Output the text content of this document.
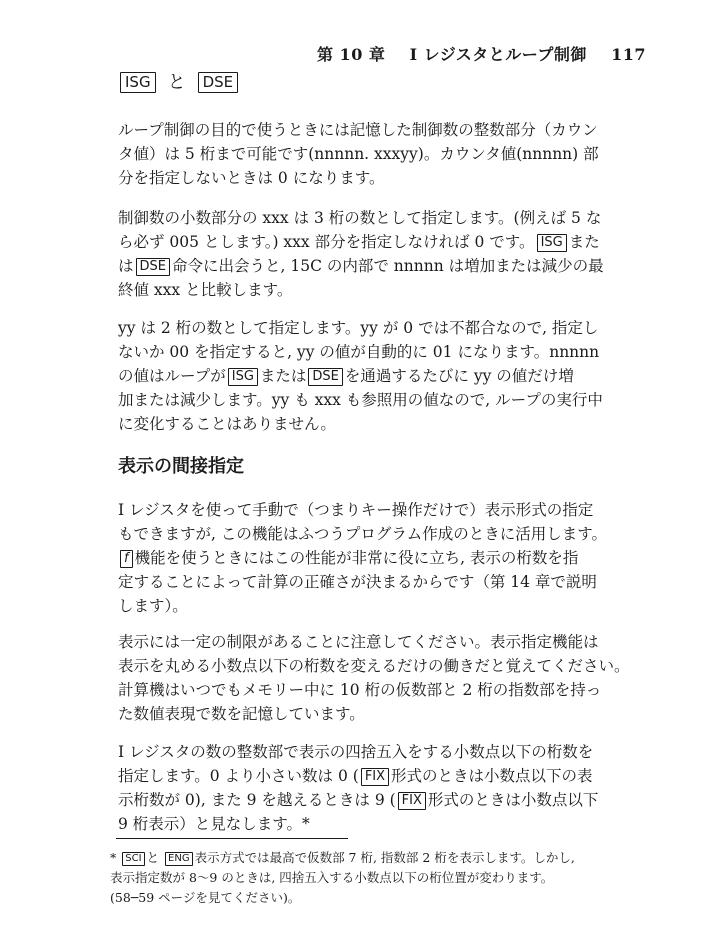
第 10 章 I レジスタとループ制御 117
ISG と DSE

ループ制御の目的で使うときには記憶した制御数の整数部分（カウン
タ値）は 5 桁まで可能です(nnnnn. xxxyy)。カウンタ値(nnnnn) 部
分を指定しないときは 0 になります。

制御数の小数部分の xxx は 3 桁の数として指定します。(例えば 5 な
ら必ず 005 とします。) xxx 部分を指定しなければ 0 です。 ISG また
は DSE 命令に出会うと, 15C の内部で nnnnn は増加または減少の最
終値 xxx と比較します。

yy は 2 桁の数として指定します。yy が 0 では不都合なので, 指定し
ないか 00 を指定すると, yy の値が自動的に 01 になります。nnnnn
の値はループが ISG または DSE を通過するたびに yy の値だけ増
加または減少します。yy も xxx も参照用の値なので, ループの実行中
に変化することはありません。

表示の間接指定

I レジスタを使って手動で（つまりキー操作だけで）表示形式の指定
もできますが, この機能はふつうプログラム作成のときに活用します。
f 機能を使うときにはこの性能が非常に役に立ち, 表示の桁数を指
定することによって計算の正確さが決まるからです（第 14 章で説明
します）。

表示には一定の制限があることに注意してください。表示指定機能は
表示を丸める小数点以下の桁数を変えるだけの働きだと覚えてください。
計算機はいつでもメモリー中に 10 桁の仮数部と 2 桁の指数部を持っ
た数値表現で数を記憶しています。

I レジスタの数の整数部で表示の四捨五入をする小数点以下の桁数を
指定します。0 より小さい数は 0 ( FIX 形式のときは小数点以下の表
示桁数が 0), また 9 を越えるときは 9 ( FIX 形式のときは小数点以下
9 桁表示）と見なします。*

* SCI と ENG 表示方式では最高で仮数部 7 桁, 指数部 2 桁を表示します。しかし,
表示指定数が 8～9 のときは, 四捨五入する小数点以下の桁位置が変わります。
(58─59 ページを見てください)。
